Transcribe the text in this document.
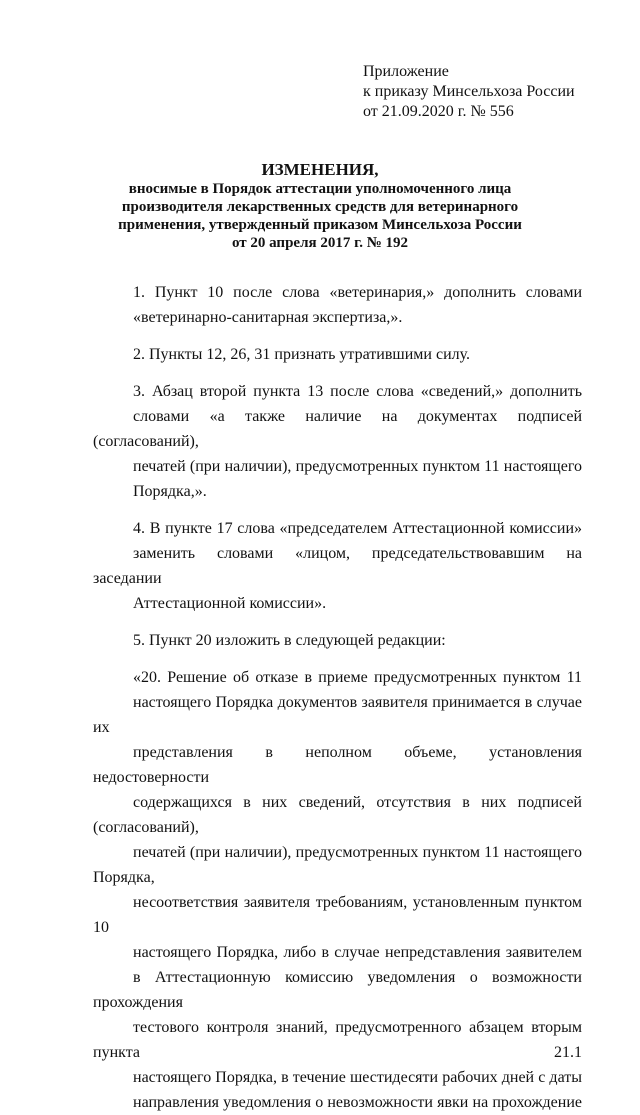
Приложение
к приказу Минсельхоза России
от 21.09.2020 г. № 556
ИЗМЕНЕНИЯ,
вносимые в Порядок аттестации уполномоченного лица
производителя лекарственных средств для ветеринарного
применения, утвержденный приказом Минсельхоза России
от 20 апреля 2017 г. № 192

1. Пункт 10 после слова «ветеринария,» дополнить словами
«ветеринарно-санитарная экспертиза,».

2. Пункты 12, 26, 31 признать утратившими силу.

3. Абзац второй пункта 13 после слова «сведений,» дополнить
словами «а также наличие на документах подписей (согласований),
печатей (при наличии), предусмотренных пунктом 11 настоящего
Порядка,».

4. В пункте 17 слова «председателем Аттестационной комиссии»
заменить словами «лицом, председательствовавшим на заседании
Аттестационной комиссии».

5. Пункт 20 изложить в следующей редакции:

«20. Решение об отказе в приеме предусмотренных пунктом 11
настоящего Порядка документов заявителя принимается в случае их
представления в неполном объеме, установления недостоверности
содержащихся в них сведений, отсутствия в них подписей (согласований),
печатей (при наличии), предусмотренных пунктом 11 настоящего Порядка,
несоответствия заявителя требованиям, установленным пунктом 10
настоящего Порядка, либо в случае непредставления заявителем
в Аттестационную комиссию уведомления о возможности прохождения
тестового контроля знаний, предусмотренного абзацем вторым пункта 21.1
настоящего Порядка, в течение шестидесяти рабочих дней с даты
направления уведомления о невозможности явки на прохождение
